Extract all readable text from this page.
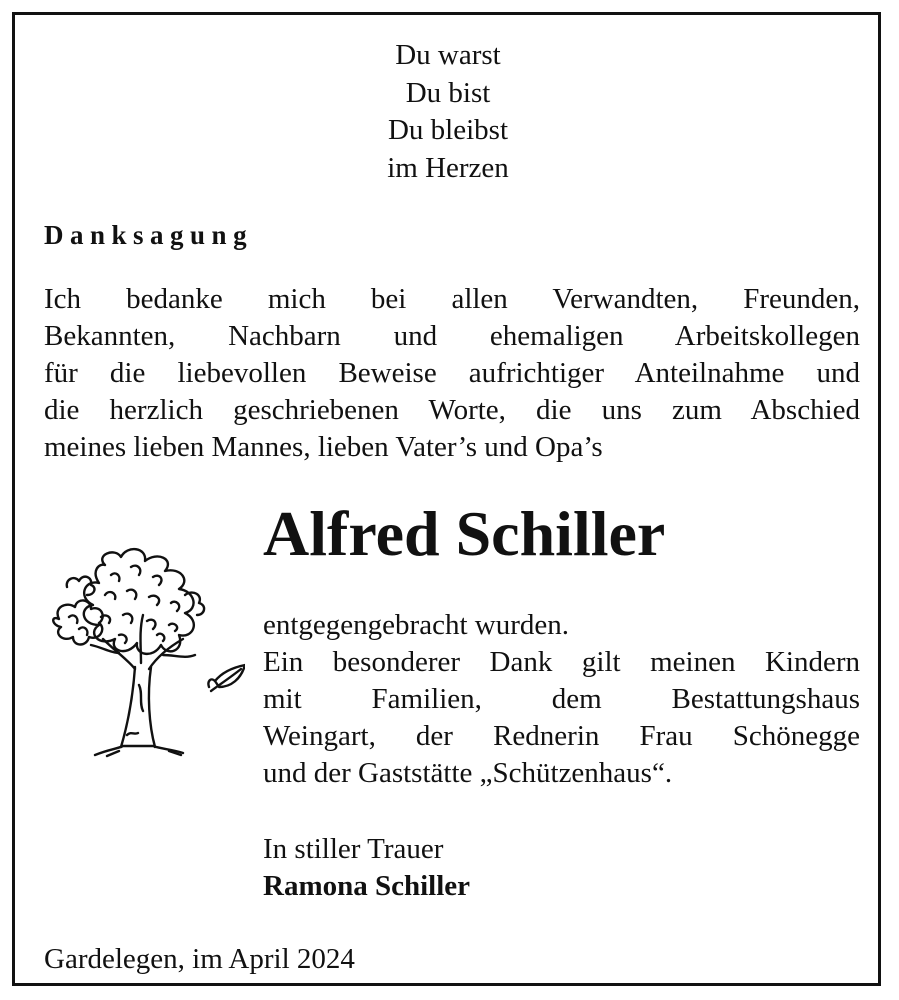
Du warst
Du bist
Du bleibst
im Herzen
Danksagung
Ich bedanke mich bei allen Verwandten, Freunden,
Bekannten, Nachbarn und ehemaligen Arbeitskollegen
für die liebevollen Beweise aufrichtiger Anteilnahme und
die herzlich geschriebenen Worte, die uns zum Abschied
meines lieben Mannes, lieben Vater’s und Opa’s
Alfred Schiller
entgegengebracht wurden.
Ein besonderer Dank gilt meinen Kindern
mit Familien, dem Bestattungshaus
Weingart, der Rednerin Frau Schönegge
und der Gaststätte „Schützenhaus“.
In stiller Trauer
Ramona Schiller
Gardelegen, im April 2024
